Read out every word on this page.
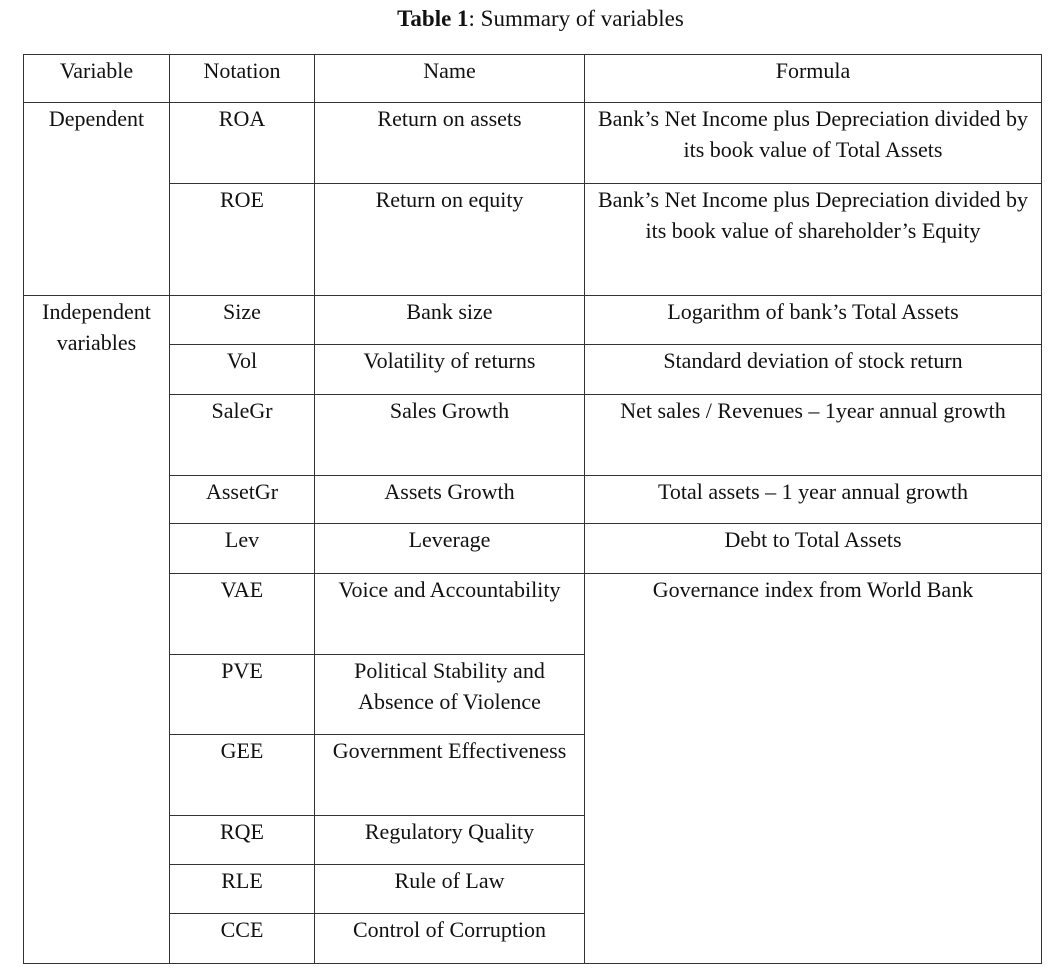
Table 1: Summary of variables
Variable	Notation	Name	Formula
Dependent	ROA	Return on assets	Bank’s Net Income plus Depreciation divided by its book value of Total Assets
	ROE	Return on equity	Bank’s Net Income plus Depreciation divided by its book value of shareholder’s Equity
Independent variables	Size	Bank size	Logarithm of bank’s Total Assets
	Vol	Volatility of returns	Standard deviation of stock return
	SaleGr	Sales Growth	Net sales / Revenues – 1year annual growth
	AssetGr	Assets Growth	Total assets – 1 year annual growth
	Lev	Leverage	Debt to Total Assets
	VAE	Voice and Accountability	Governance index from World Bank
	PVE	Political Stability and Absence of Violence	
	GEE	Government Effectiveness	
	RQE	Regulatory Quality	
	RLE	Rule of Law	
	CCE	Control of Corruption	
